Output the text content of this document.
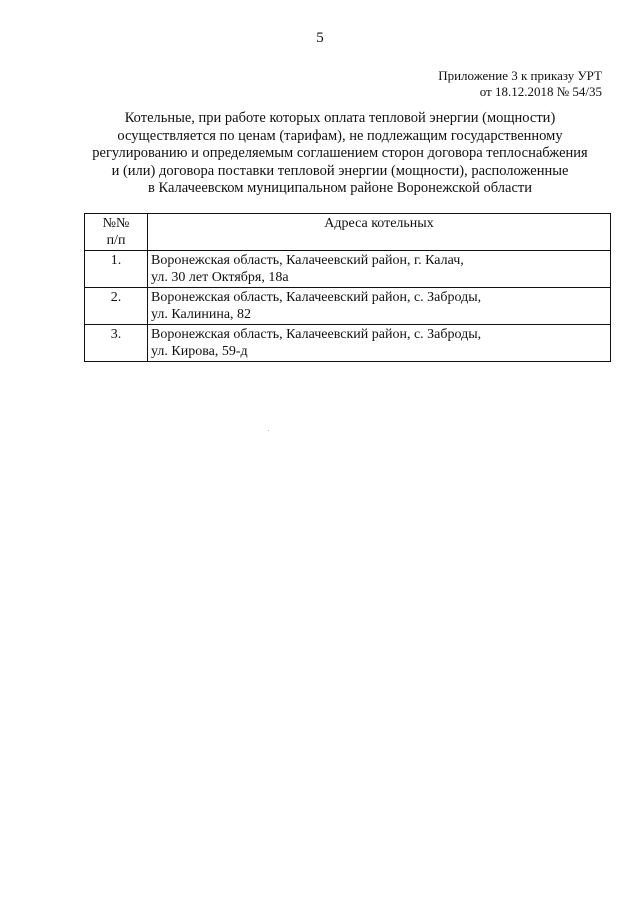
5
Приложение 3 к приказу УРТ
от 18.12.2018 № 54/35
Котельные, при работе которых оплата тепловой энергии (мощности)
осуществляется по ценам (тарифам), не подлежащим государственному
регулированию и определяемым соглашением сторон договора теплоснабжения
и (или) договора поставки тепловой энергии (мощности), расположенные
в Калачеевском муниципальном районе Воронежской области
№№
п/п	Адреса котельных
1.	Воронежская область, Калачеевский район, г. Калач,
ул. 30 лет Октября, 18а

2.	Воронежская область, Калачеевский район, с. Заброды,
ул. Калинина, 82

3.	Воронежская область, Калачеевский район, с. Заброды,
ул. Кирова, 59-д
